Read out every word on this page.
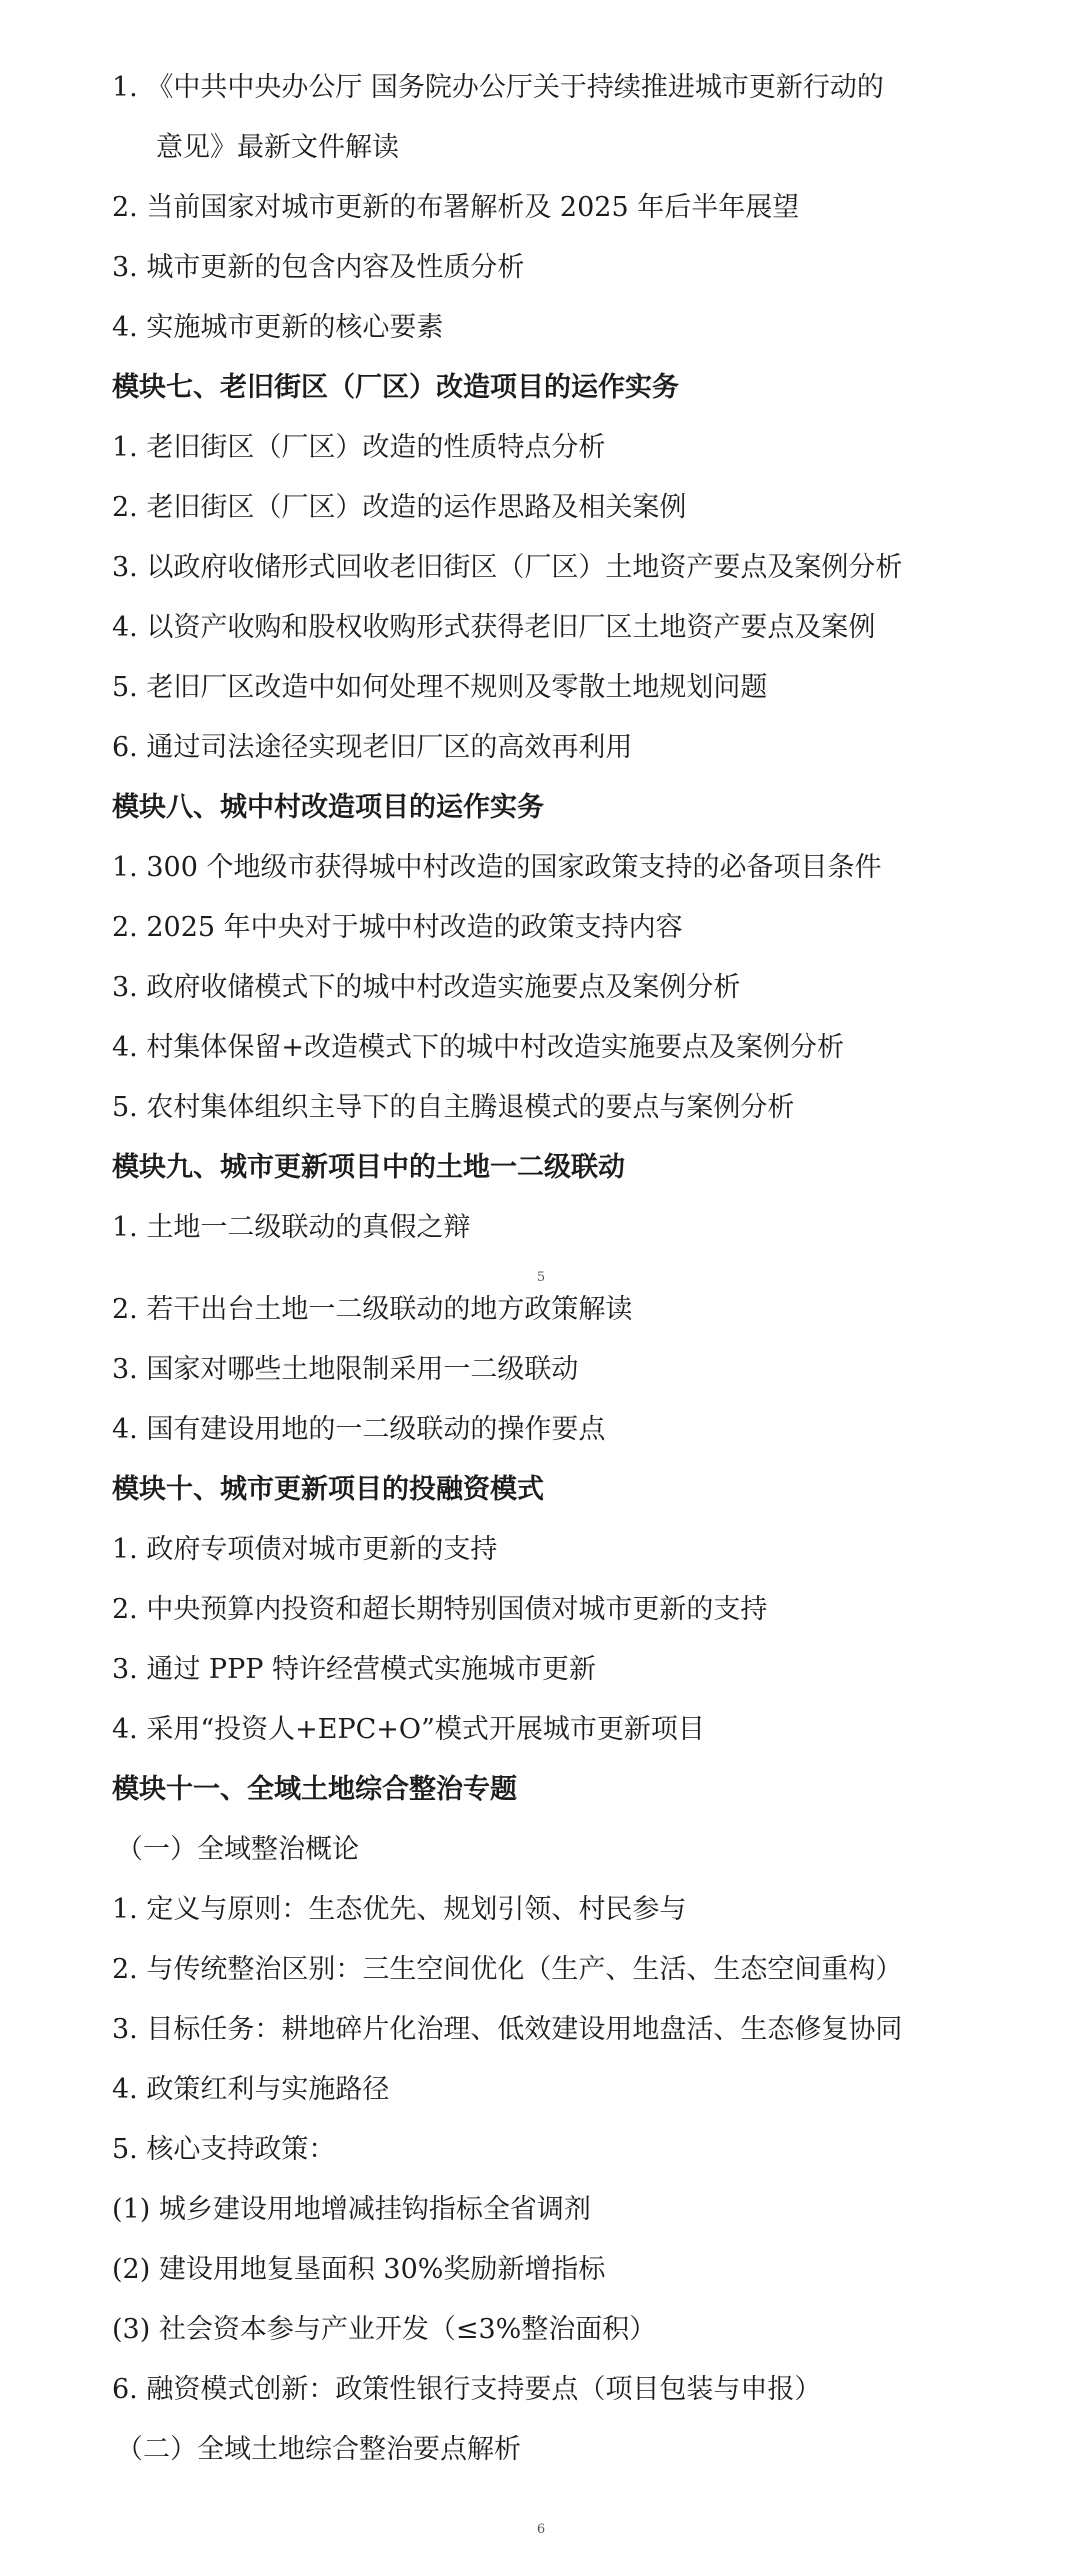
1. 《中共中央办公厅 国务院办公厅关于持续推进城市更新行动的
意见》最新文件解读
2. 当前国家对城市更新的布署解析及 2025 年后半年展望
3. 城市更新的包含内容及性质分析
4. 实施城市更新的核心要素
模块七、老旧街区（厂区）改造项目的运作实务
1. 老旧街区（厂区）改造的性质特点分析
2. 老旧街区（厂区）改造的运作思路及相关案例
3. 以政府收储形式回收老旧街区（厂区）土地资产要点及案例分析
4. 以资产收购和股权收购形式获得老旧厂区土地资产要点及案例
5. 老旧厂区改造中如何处理不规则及零散土地规划问题
6. 通过司法途径实现老旧厂区的高效再利用
模块八、城中村改造项目的运作实务
1. 300 个地级市获得城中村改造的国家政策支持的必备项目条件
2. 2025 年中央对于城中村改造的政策支持内容
3. 政府收储模式下的城中村改造实施要点及案例分析
4. 村集体保留+改造模式下的城中村改造实施要点及案例分析
5. 农村集体组织主导下的自主腾退模式的要点与案例分析
模块九、城市更新项目中的土地一二级联动
1. 土地一二级联动的真假之辩
2. 若干出台土地一二级联动的地方政策解读
3. 国家对哪些土地限制采用一二级联动
4. 国有建设用地的一二级联动的操作要点
模块十、城市更新项目的投融资模式
1. 政府专项债对城市更新的支持
2. 中央预算内投资和超长期特别国债对城市更新的支持
3. 通过 PPP 特许经营模式实施城市更新
4. 采用“投资人+EPC+O”模式开展城市更新项目
模块十一、全域土地综合整治专题
（一）全域整治概论
1. 定义与原则：生态优先、规划引领、村民参与
2. 与传统整治区别：三生空间优化（生产、生活、生态空间重构）
3. 目标任务：耕地碎片化治理、低效建设用地盘活、生态修复协同
4. 政策红利与实施路径
5. 核心支持政策：
(1) 城乡建设用地增减挂钩指标全省调剂
(2) 建设用地复垦面积 30%奖励新增指标
(3) 社会资本参与产业开发（≤3%整治面积）
6. 融资模式创新：政策性银行支持要点（项目包装与申报）
（二）全域土地综合整治要点解析
5
6
